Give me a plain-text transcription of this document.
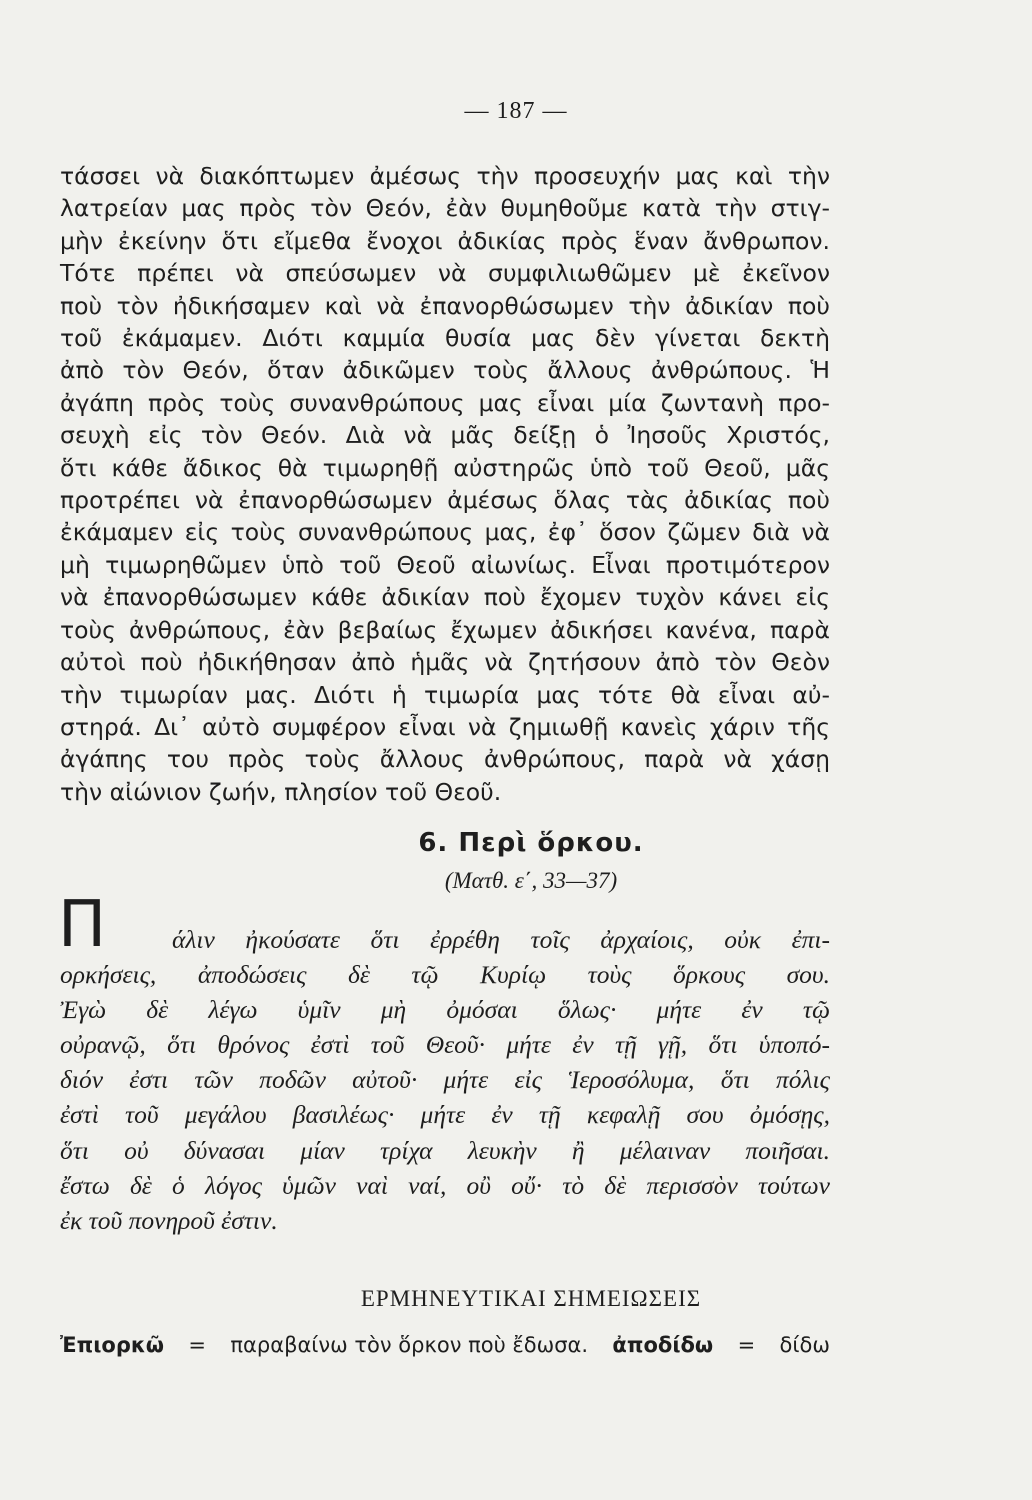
— 187 —
τάσσει νὰ διακόπτωμεν ἀμέσως τὴν προσευχήν μας καὶ τὴν
λατρείαν μας πρὸς τὸν Θεόν, ἐὰν θυμηθοῦμε κατὰ τὴν στιγ-
μὴν ἐκείνην ὅτι εἴμεθα ἔνοχοι ἀδικίας πρὸς ἕναν ἄνθρωπον.
Τότε πρέπει νὰ σπεύσωμεν νὰ συμφιλιωθῶμεν μὲ ἐκεῖνον
ποὺ τὸν ἠδικήσαμεν καὶ νὰ ἐπανορθώσωμεν τὴν ἀδικίαν ποὺ
τοῦ ἐκάμαμεν. Διότι καμμία θυσία μας δὲν γίνεται δεκτὴ
ἀπὸ τὸν Θεόν, ὅταν ἀδικῶμεν τοὺς ἄλλους ἀνθρώπους. Ἡ
ἀγάπη πρὸς τοὺς συνανθρώπους μας εἶναι μία ζωντανὴ προ-
σευχὴ εἰς τὸν Θεόν. Διὰ νὰ μᾶς δείξῃ ὁ Ἰησοῦς Χριστός,
ὅτι κάθε ἄδικος θὰ τιμωρηθῇ αὐστηρῶς ὑπὸ τοῦ Θεοῦ, μᾶς
προτρέπει νὰ ἐπανορθώσωμεν ἀμέσως ὅλας τὰς ἀδικίας ποὺ
ἐκάμαμεν εἰς τοὺς συνανθρώπους μας, ἐφ᾽ ὅσον ζῶμεν διὰ νὰ
μὴ τιμωρηθῶμεν ὑπὸ τοῦ Θεοῦ αἰωνίως. Εἶναι προτιμότερον
νὰ ἐπανορθώσωμεν κάθε ἀδικίαν ποὺ ἔχομεν τυχὸν κάνει εἰς
τοὺς ἀνθρώπους, ἐὰν βεβαίως ἔχωμεν ἀδικήσει κανένα, παρὰ
αὐτοὶ ποὺ ἠδικήθησαν ἀπὸ ἡμᾶς νὰ ζητήσουν ἀπὸ τὸν Θεὸν
τὴν τιμωρίαν μας. Διότι ἡ τιμωρία μας τότε θὰ εἶναι αὐ-
στηρά. Δι᾽ αὐτὸ συμφέρον εἶναι νὰ ζημιωθῇ κανεὶς χάριν τῆς
ἀγάπης του πρὸς τοὺς ἄλλους ἀνθρώπους, παρὰ νὰ χάσῃ
τὴν αἰώνιον ζωήν, πλησίον τοῦ Θεοῦ.
6. Περὶ ὅρκου.
(Ματθ. ε΄, 33—37)
Π	άλιν ἠκούσατε ὅτι ἐρρέθη τοῖς ἀρχαίοις, οὐκ ἐπι-
ορκήσεις, ἀποδώσεις δὲ τῷ Κυρίῳ τοὺς ὅρκους σου.
Ἐγὼ δὲ λέγω ὑμῖν μὴ ὀμόσαι ὅλως· μήτε ἐν τῷ
οὐρανῷ, ὅτι θρόνος ἐστὶ τοῦ Θεοῦ· μήτε ἐν τῇ γῇ, ὅτι ὑποπό-
διόν ἐστι τῶν ποδῶν αὐτοῦ· μήτε εἰς Ἱεροσόλυμα, ὅτι πόλις
ἐστὶ τοῦ μεγάλου βασιλέως· μήτε ἐν τῇ κεφαλῇ σου ὀμόσῃς,
ὅτι οὐ δύνασαι μίαν τρίχα λευκὴν ἢ μέλαιναν ποιῆσαι.
ἔστω δὲ ὁ λόγος ὑμῶν ναὶ ναί, οὒ οὔ· τὸ δὲ περισσὸν τούτων
ἐκ τοῦ πονηροῦ ἐστιν.
ΕΡΜΗΝΕΥΤΙΚΑΙ ΣΗΜΕΙΩΣΕΙΣ
Ἐπιορκῶ = παραβαίνω τὸν ὅρκον ποὺ ἔδωσα. ἀποδίδω = δίδω
